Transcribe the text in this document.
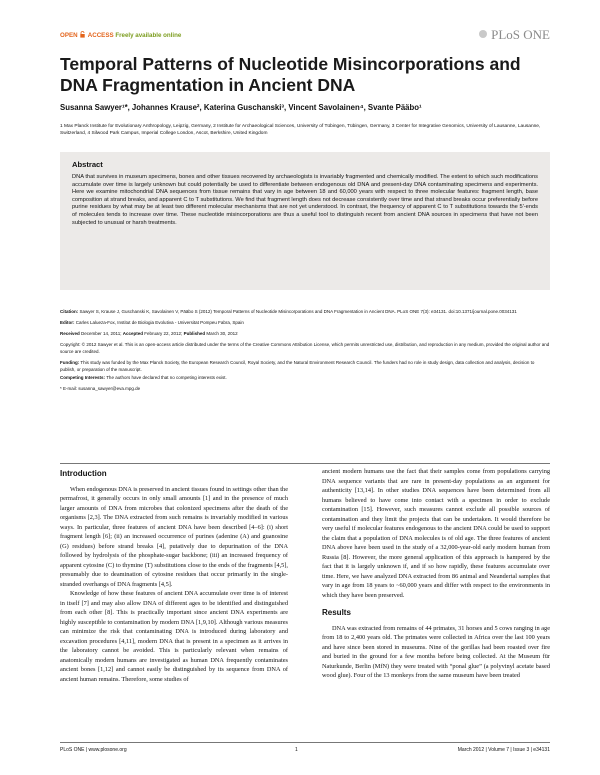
OPEN ACCESS Freely available online	PLoS ONE
Temporal Patterns of Nucleotide Misincorporations and DNA Fragmentation in Ancient DNA
Susanna Sawyer¹*, Johannes Krause², Katerina Guschanski³, Vincent Savolainen⁴, Svante Pääbo¹
1 Max Planck Institute for Evolutionary Anthropology, Leipzig, Germany, 2 Institute for Archaeological Sciences, University of Tübingen, Tübingen, Germany, 3 Center for Integrative Genomics, University of Lausanne, Lausanne, Switzerland, 4 Silwood Park Campus, Imperial College London, Ascot, Berkshire, United Kingdom
Abstract

DNA that survives in museum specimens, bones and other tissues recovered by archaeologists is invariably fragmented and chemically modified. The extent to which such modifications accumulate over time is largely unknown but could potentially be used to differentiate between endogenous old DNA and present-day DNA contaminating specimens and experiments. Here we examine mitochondrial DNA sequences from tissue remains that vary in age between 18 and 60,000 years with respect to three molecular features: fragment length, base composition at strand breaks, and apparent C to T substitutions. We find that fragment length does not decrease consistently over time and that strand breaks occur preferentially before purine residues by what may be at least two different molecular mechanisms that are not yet understood. In contrast, the frequency of apparent C to T substitutions towards the 5′-ends of molecules tends to increase over time. These nucleotide misincorporations are thus a useful tool to distinguish recent from ancient DNA sources in specimens that have not been subjected to unusual or harsh treatments.

Citation: Sawyer S, Krause J, Guschanski K, Savolainen V, Pääbo S (2012) Temporal Patterns of Nucleotide Misincorporations and DNA Fragmentation in Ancient DNA. PLoS ONE 7(3): e34131. doi:10.1371/journal.pone.0034131
Editor: Carles Lalueza-Fox, Institut de Biologia Evolutiva - Universitat Pompeu Fabra, Spain
Received December 14, 2011; Accepted February 22, 2012; Published March 30, 2012
Copyright: © 2012 Sawyer et al. This is an open-access article distributed under the terms of the Creative Commons Attribution License, which permits unrestricted use, distribution, and reproduction in any medium, provided the original author and source are credited.
Funding: This study was funded by the Max Planck Society, the European Research Council, Royal Society, and the Natural Environment Research Council. The funders had no role in study design, data collection and analysis, decision to publish, or preparation of the manuscript.
Competing Interests: The authors have declared that no competing interests exist.
* E-mail: susanna_sawyer@eva.mpg.de
Introduction

When endogenous DNA is preserved in ancient tissues found in settings other than the permafrost, it generally occurs in only small amounts [1] and in the presence of much larger amounts of DNA from microbes that colonized specimens after the death of the organisms [2,3]. The DNA extracted from such remains is invariably modified in various ways. In particular, three features of ancient DNA have been described [4–6]: (i) short fragment length [6]; (ii) an increased occurrence of purines (adenine (A) and guanosine (G) residues) before strand breaks [4], putatively due to depurination of the DNA followed by hydrolysis of the phosphate-sugar backbone; (iii) an increased frequency of apparent cytosine (C) to thymine (T) substitutions close to the ends of the fragments [4,5], presumably due to deamination of cytosine residues that occur primarily in the single-stranded overhangs of DNA fragments [4,5].

Knowledge of how these features of ancient DNA accumulate over time is of interest in itself [7] and may also allow DNA of different ages to be identified and distinguished from each other [8]. This is practically important since ancient DNA experiments are highly susceptible to contamination by modern DNA [1,9,10]. Although various measures can minimize the risk that contaminating DNA is introduced during laboratory and excavation procedures [4,11], modern DNA that is present in a specimen as it arrives in the laboratory cannot be avoided. This is particularly relevant when remains of anatomically modern humans are investigated as human DNA frequently contaminates ancient bones [1,12] and cannot easily be distinguished by its sequence from DNA of ancient human remains. Therefore, some studies of

ancient modern humans use the fact that their samples come from populations carrying DNA sequence variants that are rare in present-day populations as an argument for authenticity [13,14]. In other studies DNA sequences have been determined from all humans believed to have come into contact with a specimen in order to exclude contamination [15]. However, such measures cannot exclude all possible sources of contamination and they limit the projects that can be undertaken. It would therefore be very useful if molecular features endogenous to the ancient DNA could be used to support the claim that a population of DNA molecules is of old age. The three features of ancient DNA above have been used in the study of a 32,000-year-old early modern human from Russia [8]. However, the more general application of this approach is hampered by the fact that it is largely unknown if, and if so how rapidly, these features accumulate over time. Here, we have analyzed DNA extracted from 86 animal and Neandertal samples that vary in age from 18 years to ~60,000 years and differ with respect to the environments in which they have been preserved.

Results

DNA was extracted from remains of 44 primates, 31 horses and 5 cows ranging in age from 18 to 2,400 years old. The primates were collected in Africa over the last 100 years and have since been stored in museums. Nine of the gorillas had been roasted over fire and buried in the ground for a few months before being collected. At the Museum für Naturkunde, Berlin (MfN) they were treated with “ponal glue” (a polyvinyl acetate based wood glue). Four of the 13 monkeys from the same museum have been treated

PLoS ONE | www.plosone.org	1	March 2012 | Volume 7 | Issue 3 | e34131
